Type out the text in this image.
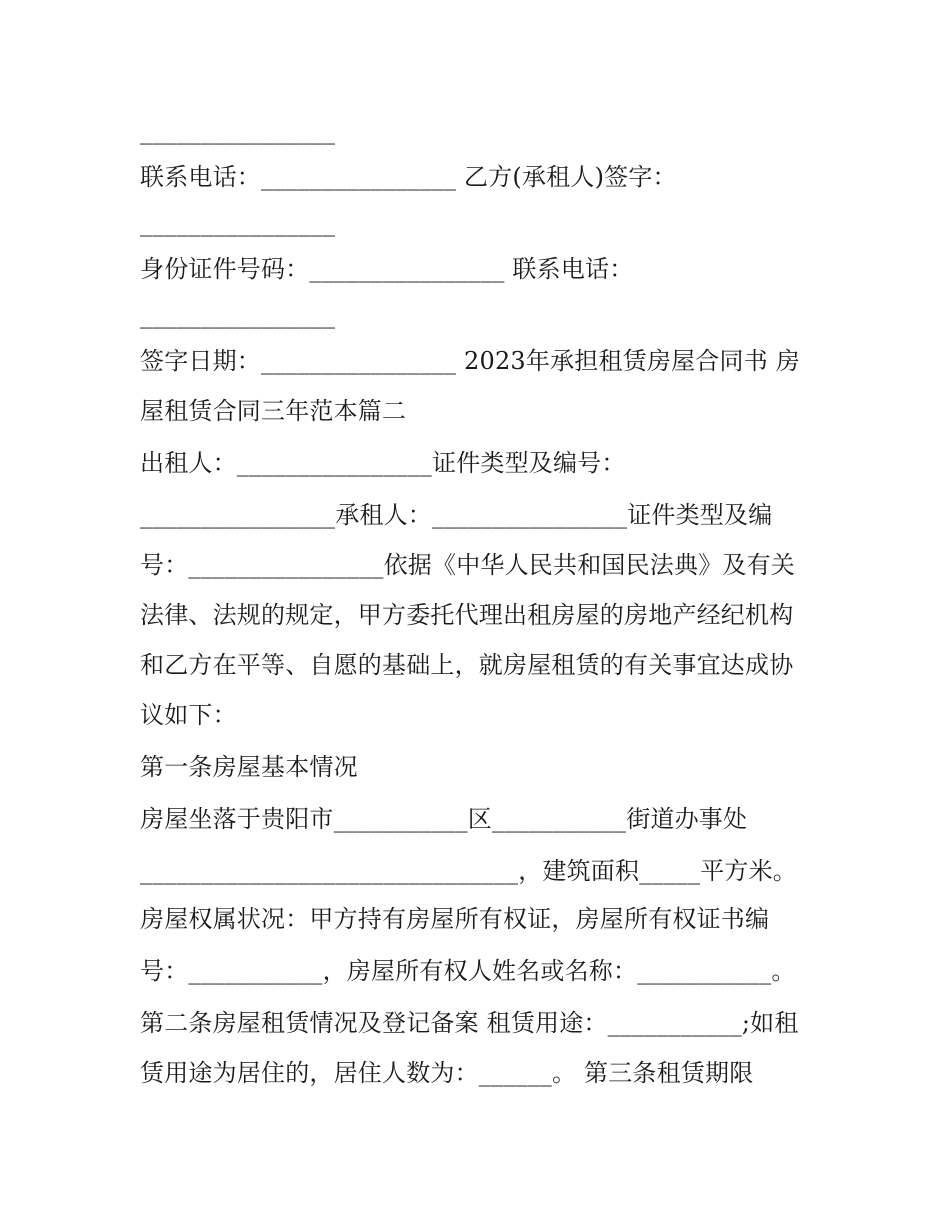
________________
联系电话：________________ 乙方(承租人)签字：
________________
身份证件号码：________________ 联系电话：
________________
签字日期：________________ 2023年承担租赁房屋合同书 房
屋租赁合同三年范本篇二
出租人：________________证件类型及编号：
________________承租人：________________证件类型及编
号：________________依据《中华人民共和国民法典》及有关
法律、法规的规定，甲方委托代理出租房屋的房地产经纪机构
和乙方在平等、自愿的基础上，就房屋租赁的有关事宜达成协
议如下：
第一条房屋基本情况
房屋坐落于贵阳市___________区___________街道办事处
_______________________________，建筑面积_____平方米。
房屋权属状况：甲方持有房屋所有权证，房屋所有权证书编
号：___________，房屋所有权人姓名或名称：___________。
第二条房屋租赁情况及登记备案 租赁用途：___________;如租
赁用途为居住的，居住人数为：______。 第三条租赁期限
